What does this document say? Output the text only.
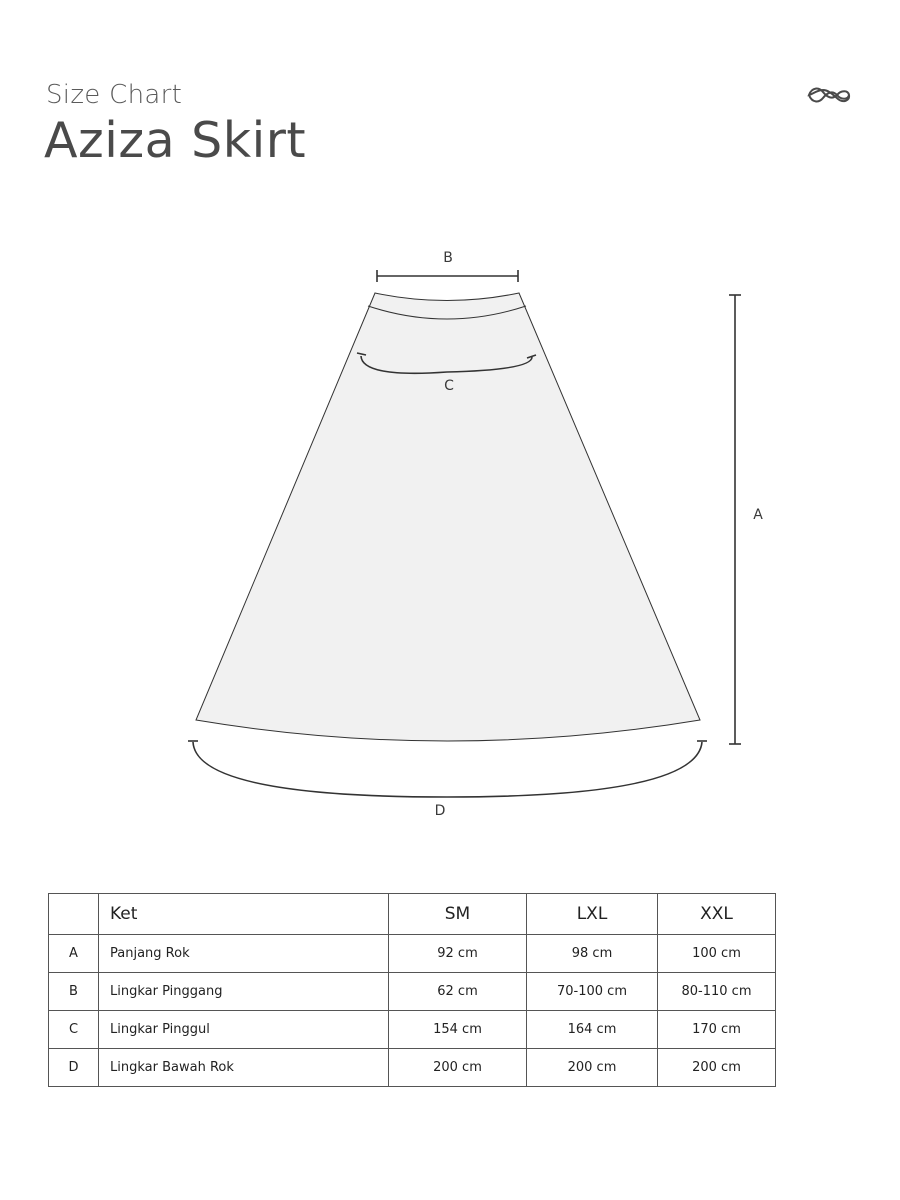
Size Chart
Aziza Skirt
B
C
A
D
	Ket	SM	LXL	XXL
A	Panjang Rok	92 cm	98 cm	100 cm
B	Lingkar Pinggang	62 cm	70-100 cm	80-110 cm
C	Lingkar Pinggul	154 cm	164 cm	170 cm
D	Lingkar Bawah Rok	200 cm	200 cm	200 cm
